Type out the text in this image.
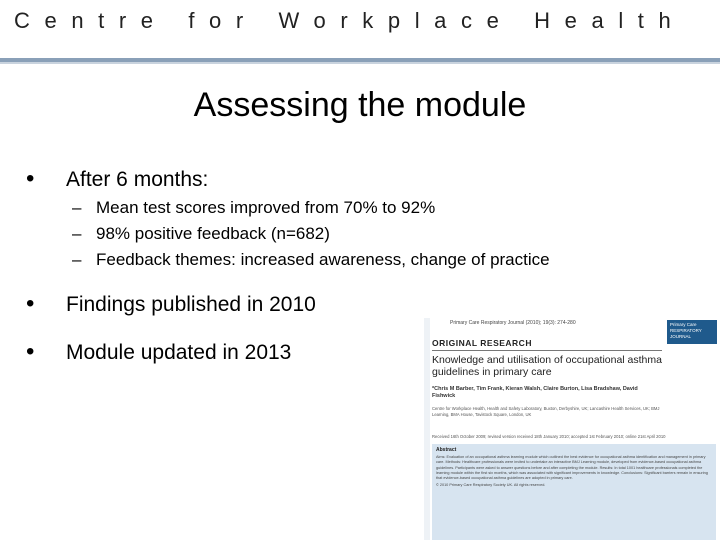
Centre for Workplace Health
Assessing the module
• After 6 months:
– Mean test scores improved from 70% to 92%
– 98% positive feedback (n=682)
– Feedback themes: increased awareness, change of practice
• Findings published in 2010
• Module updated in 2013
Primary Care Respiratory Journal (2010); 19(3): 274-280	Primary Care RESPIRATORY JOURNAL
ORIGINAL RESEARCH
Knowledge and utilisation of occupational asthma guidelines in primary care
*Chris M Barber, Tim Frank, Kieran Walsh, Claire Burton, Lisa Bradshaw, David Fishwick
Centre for Workplace Health, Health and Safety Laboratory, Buxton, Derbyshire, UK; Lancashire Health Services, UK; BMJ Learning, BMA House, Tavistock Square, London, UK
Received 16th October 2009; revised version received 18th January 2010; accepted 1st February 2010; online 21st April 2010
Abstract
Aims: Evaluation of an occupational asthma learning module which outlined the best evidence for occupational asthma identification and management in primary care. Methods: Healthcare professionals were invited to undertake an interactive BMJ Learning module, developed from evidence-based occupational asthma guidelines. Participants were asked to answer questions before and after completing the module. Results: In total 1001 healthcare professionals completed the learning module within the first six months, which was associated with significant improvements in knowledge. Conclusions: Significant barriers remain in ensuring that evidence-based occupational asthma guidelines are adopted in primary care.
© 2010 Primary Care Respiratory Society UK. All rights reserved.
